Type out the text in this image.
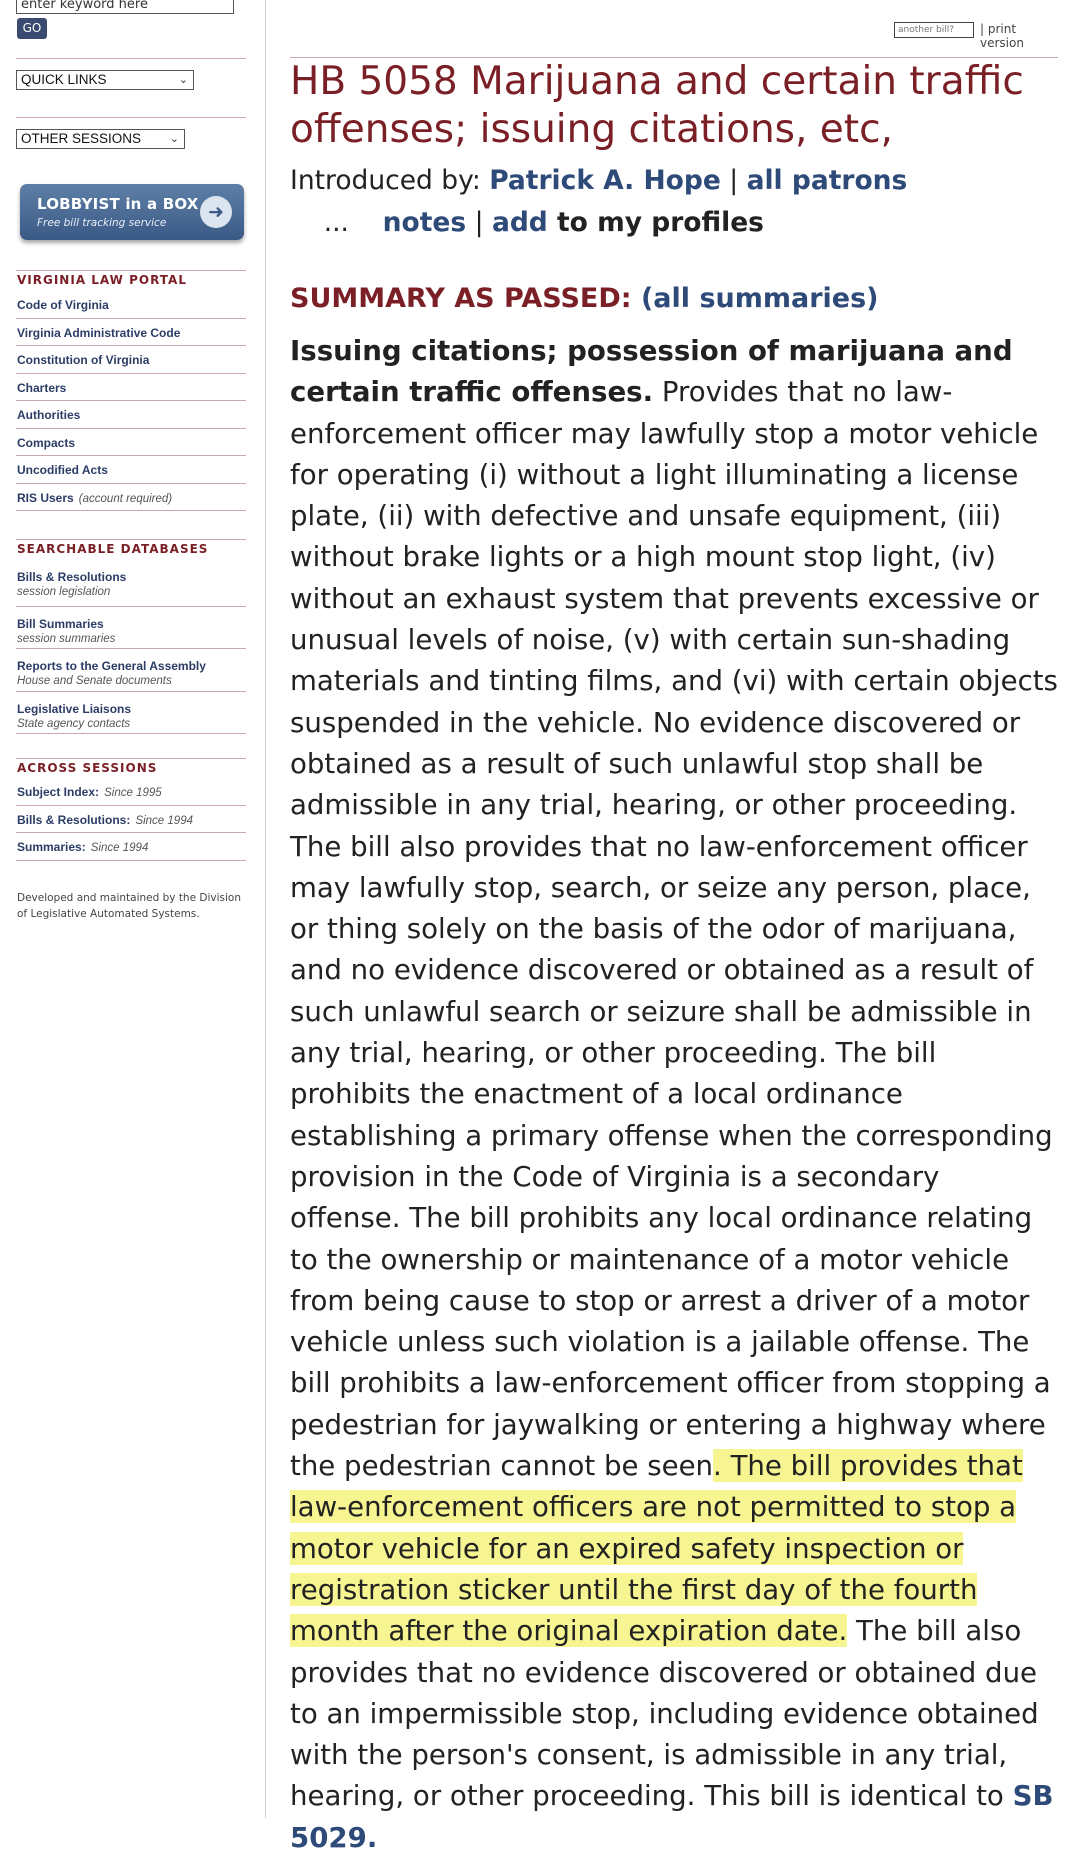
enter keyword here
GO
QUICK LINKS	⌄
OTHER SESSIONS	⌄
LOBBYIST in a BOX
Free bill tracking service	➜
VIRGINIA LAW PORTAL
Code of Virginia
Virginia Administrative Code
Constitution of Virginia
Charters
Authorities
Compacts
Uncodified Acts
RIS Users (account required)
SEARCHABLE DATABASES
Bills & Resolutions
session legislation
Bill Summaries
session summaries
Reports to the General Assembly
House and Senate documents
Legislative Liaisons
State agency contacts
ACROSS SESSIONS
Subject Index: Since 1995
Bills & Resolutions: Since 1994
Summaries: Since 1994
Developed and maintained by the Division of Legislative Automated Systems.
another bill?
| print version
HB 5058 Marijuana and certain traffic offenses; issuing citations, etc,
Introduced by: Patrick A. Hope | all patrons    ...    notes | add to my profiles
SUMMARY AS PASSED: (all summaries)
Issuing citations; possession of marijuana and certain traffic offenses. Provides that no law-enforcement officer may lawfully stop a motor vehicle for operating (i) without a light illuminating a license plate, (ii) with defective and unsafe equipment, (iii) without brake lights or a high mount stop light, (iv) without an exhaust system that prevents excessive or unusual levels of noise, (v) with certain sun-shading materials and tinting films, and (vi) with certain objects suspended in the vehicle. No evidence discovered or obtained as a result of such unlawful stop shall be admissible in any trial, hearing, or other proceeding. The bill also provides that no law-enforcement officer may lawfully stop, search, or seize any person, place, or thing solely on the basis of the odor of marijuana, and no evidence discovered or obtained as a result of such unlawful search or seizure shall be admissible in any trial, hearing, or other proceeding. The bill prohibits the enactment of a local ordinance establishing a primary offense when the corresponding provision in the Code of Virginia is a secondary offense. The bill prohibits any local ordinance relating to the ownership or maintenance of a motor vehicle from being cause to stop or arrest a driver of a motor vehicle unless such violation is a jailable offense. The bill prohibits a law-enforcement officer from stopping a pedestrian for jaywalking or entering a highway where the pedestrian cannot be seen. The bill provides that law-enforcement officers are not permitted to stop a motor vehicle for an expired safety inspection or registration sticker until the first day of the fourth month after the original expiration date. The bill also provides that no evidence discovered or obtained due to an impermissible stop, including evidence obtained with the person's consent, is admissible in any trial, hearing, or other proceeding. This bill is identical to SB 5029.
